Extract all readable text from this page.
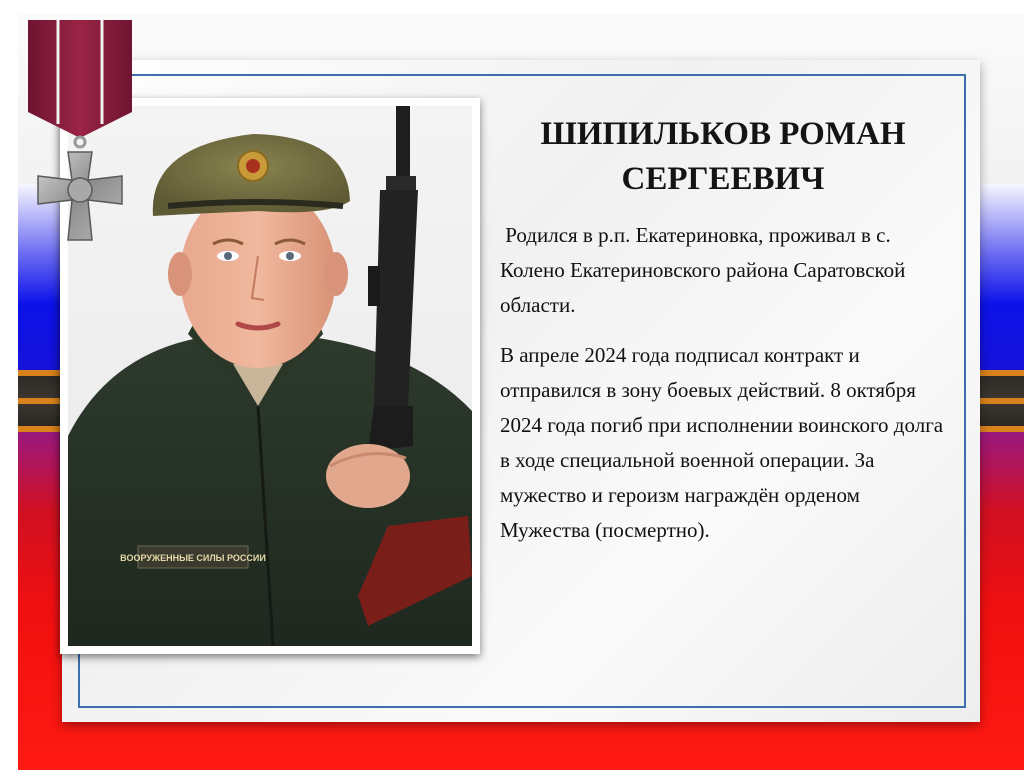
ВООРУЖЕННЫЕ СИЛЫ РОССИИ
ШИПИЛЬКОВ РОМАН СЕРГЕЕВИЧ

Родился в р.п. Екатериновка, проживал в с. Колено Екатериновского района Саратовской области.

В апреле 2024 года подписал контракт и отправился в зону боевых действий. 8 октября 2024 года погиб при исполнении воинского долга в ходе специальной военной операции. За мужество и героизм награждён орденом Мужества (посмертно).
